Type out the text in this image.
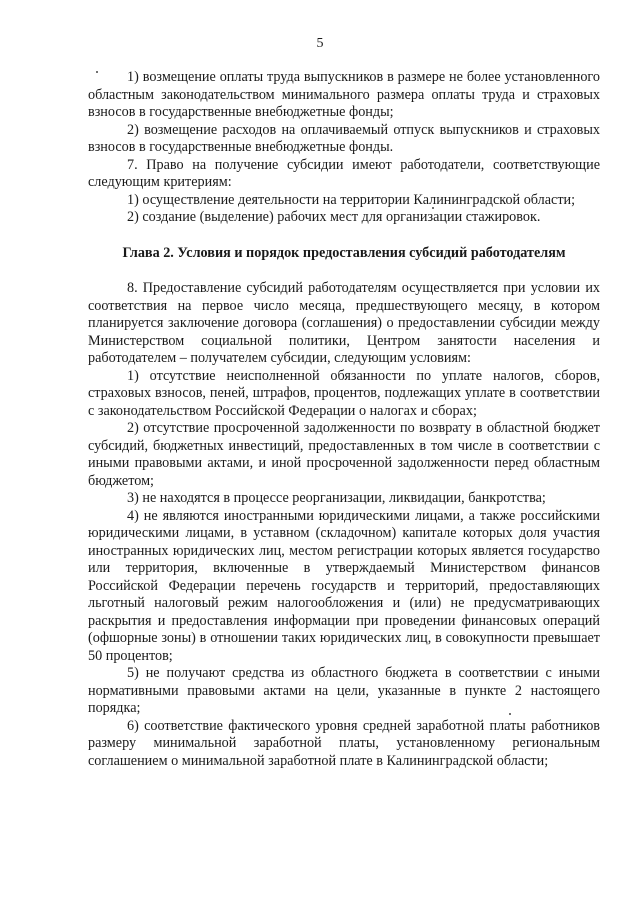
5

1) возмещение оплаты труда выпускников в размере не более установленного областным законодательством минимального размера оплаты труда и страховых взносов в государственные внебюджетные фонды;

2) возмещение расходов на оплачиваемый отпуск выпускников и страховых взносов в государственные внебюджетные фонды.

7. Право на получение субсидии имеют работодатели, соответствующие следующим критериям:

1) осуществление деятельности на территории Калининградской области;

2) создание (выделение) рабочих мест для организации стажировок.

Глава 2. Условия и порядок предоставления субсидий работодателям

8. Предоставление субсидий работодателям осуществляется при условии их соответствия на первое число месяца, предшествующего месяцу, в котором планируется заключение договора (соглашения) о предоставлении субсидии между Министерством социальной политики, Центром занятости населения и работодателем – получателем субсидии, следующим условиям:

1) отсутствие неисполненной обязанности по уплате налогов, сборов, страховых взносов, пеней, штрафов, процентов, подлежащих уплате в соответствии с законодательством Российской Федерации о налогах и сборах;

2) отсутствие просроченной задолженности по возврату в областной бюджет субсидий, бюджетных инвестиций, предоставленных в том числе в соответствии с иными правовыми актами, и иной просроченной задолженности перед областным бюджетом;

3) не находятся в процессе реорганизации, ликвидации, банкротства;

4) не являются иностранными юридическими лицами, а также российскими юридическими лицами, в уставном (складочном) капитале которых доля участия иностранных юридических лиц, местом регистрации которых является государство или территория, включенные в утверждаемый Министерством финансов Российской Федерации перечень государств и территорий, предоставляющих льготный налоговый режим налогообложения и (или) не предусматривающих раскрытия и предоставления информации при проведении финансовых операций (офшорные зоны) в отношении таких юридических лиц, в совокупности превышает 50 процентов;

5) не получают средства из областного бюджета в соответствии с иными нормативными правовыми актами на цели, указанные в пункте 2 настоящего порядка;

6) соответствие фактического уровня средней заработной платы работников размеру минимальной заработной платы, установленному региональным соглашением о минимальной заработной плате в Калининградской области;
